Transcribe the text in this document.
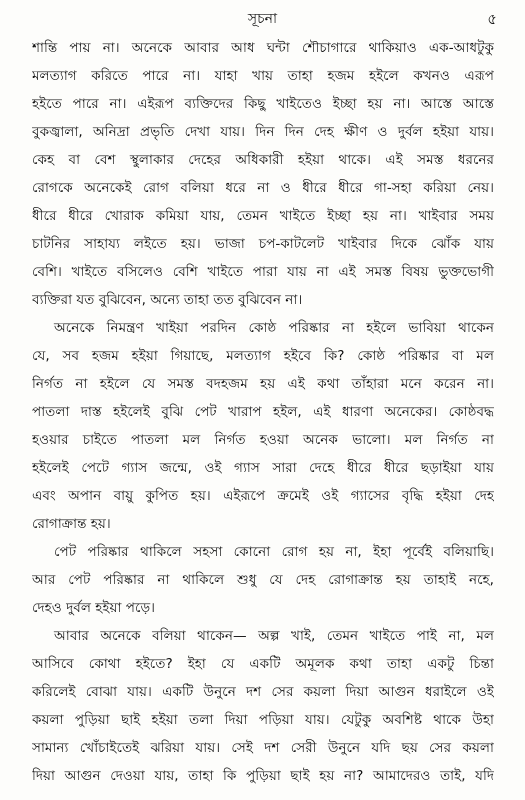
সূচনা	৫
শান্তি পায় না। অনেকে আবার আধ ঘন্টা শৌচাগারে থাকিয়াও এক-আধটুকু
মলত্যাগ করিতে পারে না। যাহা খায় তাহা হজম হইলে কখনও এরূপ
হইতে পারে না। এইরূপ ব্যক্তিদের কিছু খাইতেও ইচ্ছা হয় না। আস্তে আস্তে
বুকজ্বালা, অনিদ্রা প্রভৃতি দেখা যায়। দিন দিন দেহ ক্ষীণ ও দুর্বল হইয়া যায়।
কেহ বা বেশ স্থুলাকার দেহের অধিকারী হইয়া থাকে। এই সমস্ত ধরনের
রোগকে অনেকেই রোগ বলিয়া ধরে না ও ধীরে ধীরে গা-সহা করিয়া নেয়।
ধীরে ধীরে খোরাক কমিয়া যায়, তেমন খাইতে ইচ্ছা হয় না। খাইবার সময়
চাটনির সাহায্য লইতে হয়। ভাজা চপ-কাটলেট খাইবার দিকে ঝোঁক যায়
বেশি। খাইতে বসিলেও বেশি খাইতে পারা যায় না এই সমস্ত বিষয় ভুক্তভোগী
ব্যক্তিরা যত বুঝিবেন, অন্যে তাহা তত বুঝিবেন না।
অনেকে নিমন্ত্রণ খাইয়া পরদিন কোষ্ঠ পরিষ্কার না হইলে ভাবিয়া থাকেন
যে, সব হজম হইয়া গিয়াছে, মলত্যাগ হইবে কি? কোষ্ঠ পরিষ্কার বা মল
নির্গত না হইলে যে সমস্ত বদহজম হয় এই কথা তাঁহারা মনে করেন না।
পাতলা দাস্ত হইলেই বুঝি পেট খারাপ হইল, এই ধারণা অনেকের। কোষ্ঠবদ্ধ
হওয়ার চাইতে পাতলা মল নির্গত হওয়া অনেক ভালো। মল নির্গত না
হইলেই পেটে গ্যাস জন্মে, ওই গ্যাস সারা দেহে ধীরে ধীরে ছড়াইয়া যায়
এবং অপান বায়ু কুপিত হয়। এইরূপে ক্রমেই ওই গ্যাসের বৃদ্ধি হইয়া দেহ
রোগাক্রান্ত হয়।
পেট পরিষ্কার থাকিলে সহসা কোনো রোগ হয় না, ইহা পূর্বেই বলিয়াছি।
আর পেট পরিষ্কার না থাকিলে শুধু যে দেহ রোগাক্রান্ত হয় তাহাই নহে,
দেহও দুর্বল হইয়া পড়ে।
আবার অনেকে বলিয়া থাকেন— অল্প খাই, তেমন খাইতে পাই না, মল
আসিবে কোথা হইতে? ইহা যে একটি অমূলক কথা তাহা একটু চিন্তা
করিলেই বোঝা যায়। একটি উনুনে দশ সের কয়লা দিয়া আগুন ধরাইলে ওই
কয়লা পুড়িয়া ছাই হইয়া তলা দিয়া পড়িয়া যায়। যেটুকু অবশিষ্ট থাকে উহা
সামান্য খোঁচাইতেই ঝরিয়া যায়। সেই দশ সেরী উনুনে যদি ছয় সের কয়লা
দিয়া আগুন দেওয়া যায়, তাহা কি পুড়িয়া ছাই হয় না? আমাদেরও তাই, যদি
